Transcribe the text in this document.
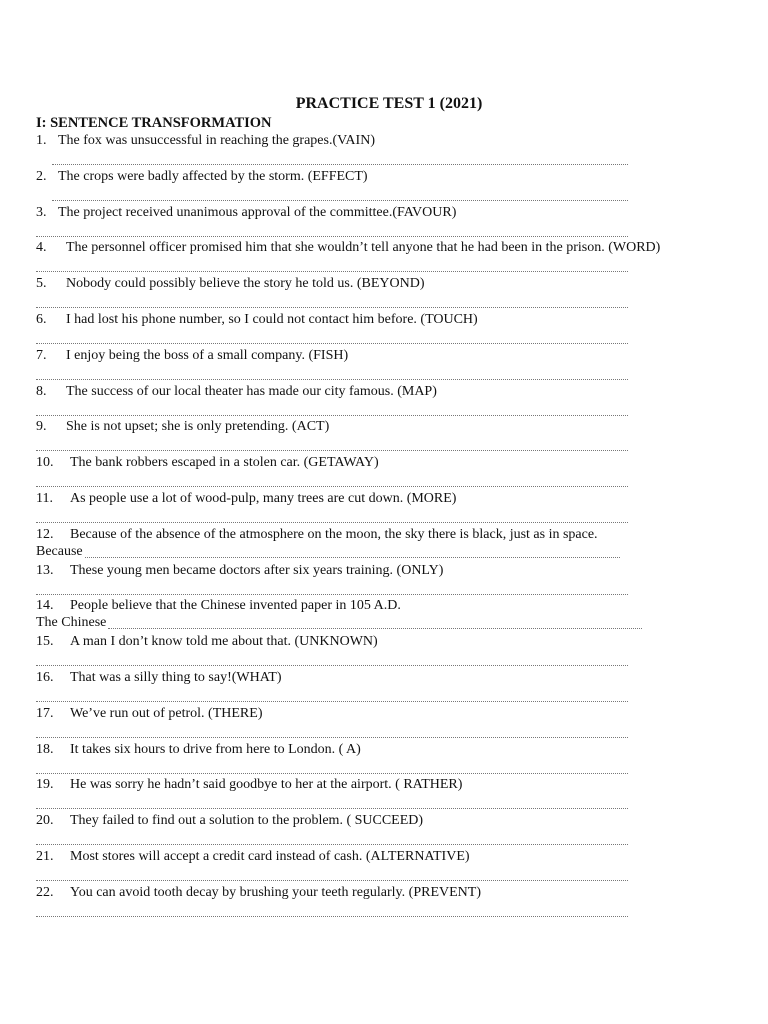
PRACTICE TEST 1 (2021)
I: SENTENCE TRANSFORMATION
1. The fox was unsuccessful in reaching the grapes.(VAIN)
2. The crops were badly affected by the storm. (EFFECT)
3. The project received unanimous approval of the committee.(FAVOUR)
4. The personnel officer promised him that she wouldn’t tell anyone that he had been in the prison. (WORD)
5. Nobody could possibly believe the story he told us. (BEYOND)
6. I had lost his phone number, so I could not contact him before. (TOUCH)
7. I enjoy being the boss of a small company. (FISH)
8. The success of our local theater has made our city famous. (MAP)
9. She is not upset; she is only pretending. (ACT)
10. The bank robbers escaped in a stolen car. (GETAWAY)
11. As people use a lot of wood-pulp, many trees are cut down. (MORE)
12. Because of the absence of the atmosphere on the moon, the sky there is black, just as in space.
Because
13. These young men became doctors after six years training. (ONLY)
14. People believe that the Chinese invented paper in 105 A.D.
The Chinese
15. A man I don’t know told me about that. (UNKNOWN)
16. That was a silly thing to say!(WHAT)
17. We’ve run out of petrol. (THERE)
18. It takes six hours to drive from here to London. ( A)
19. He was sorry he hadn’t said goodbye to her at the airport. ( RATHER)
20. They failed to find out a solution to the problem. ( SUCCEED)
21. Most stores will accept a credit card instead of cash. (ALTERNATIVE)
22. You can avoid tooth decay by brushing your teeth regularly. (PREVENT)
